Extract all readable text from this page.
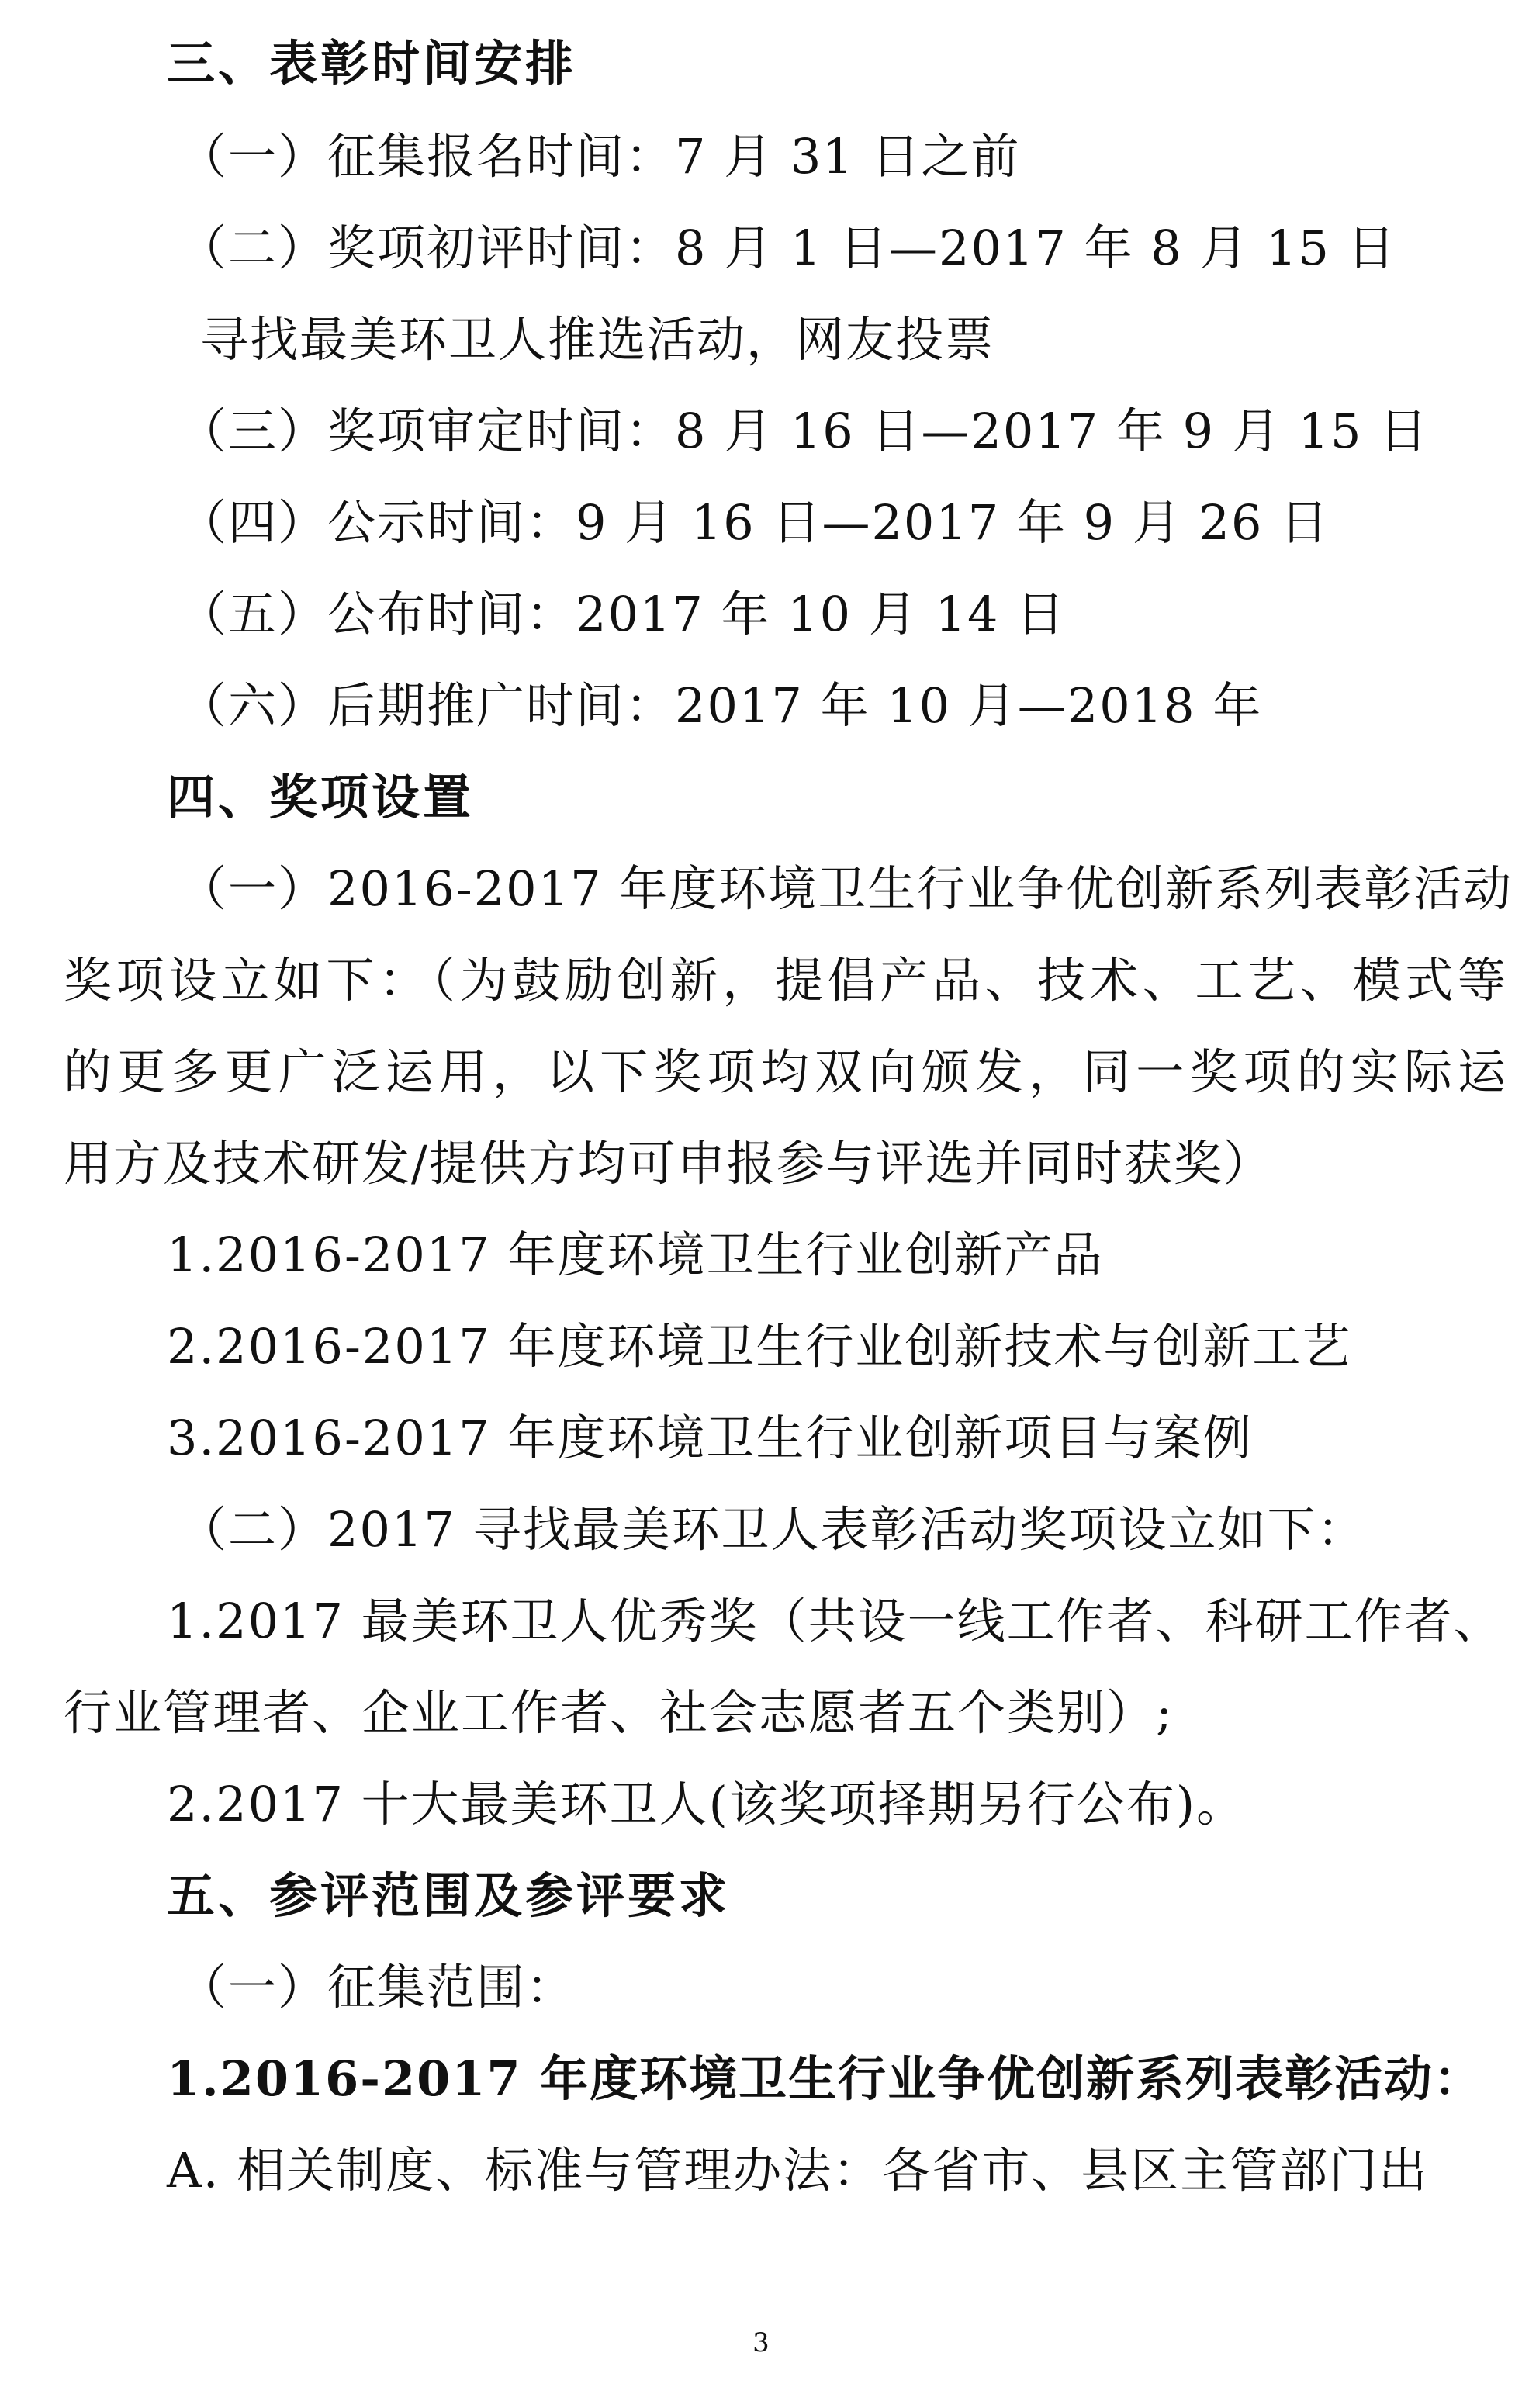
三、表彰时间安排
（一）征集报名时间：7 月 31 日之前
（二）奖项初评时间：8 月 1 日—2017 年 8 月 15 日
寻找最美环卫人推选活动，网友投票
（三）奖项审定时间：8 月 16 日—2017 年 9 月 15 日
（四）公示时间：9 月 16 日—2017 年 9 月 26 日
（五）公布时间：2017 年 10 月 14 日
（六）后期推广时间：2017 年 10 月—2018 年
四、奖项设置
（一）2016-2017 年度环境卫生行业争优创新系列表彰活动
奖项设立如下：（为鼓励创新，提倡产品、技术、工艺、模式等
的更多更广泛运用，以下奖项均双向颁发，同一奖项的实际运
用方及技术研发/提供方均可申报参与评选并同时获奖）
1.2016-2017 年度环境卫生行业创新产品
2.2016-2017 年度环境卫生行业创新技术与创新工艺
3.2016-2017 年度环境卫生行业创新项目与案例
（二）2017 寻找最美环卫人表彰活动奖项设立如下：
1.2017 最美环卫人优秀奖（共设一线工作者、科研工作者、
行业管理者、企业工作者、社会志愿者五个类别）;
2.2017 十大最美环卫人(该奖项择期另行公布)。
五、参评范围及参评要求
（一）征集范围：
1.2016-2017 年度环境卫生行业争优创新系列表彰活动：
A. 相关制度、标准与管理办法：各省市、县区主管部门出
3
